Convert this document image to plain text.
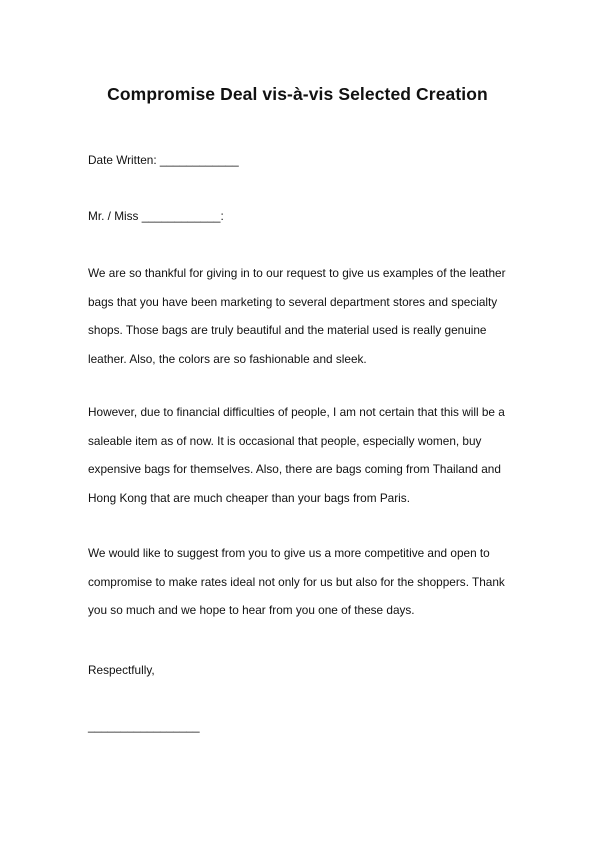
Compromise Deal vis-à-vis Selected Creation

Date Written: ____________

Mr. / Miss ____________:

We are so thankful for giving in to our request to give us examples of the leather
bags that you have been marketing to several department stores and specialty
shops. Those bags are truly beautiful and the material used is really genuine
leather. Also, the colors are so fashionable and sleek.
However, due to financial difficulties of people, I am not certain that this will be a
saleable item as of now. It is occasional that people, especially women, buy
expensive bags for themselves. Also, there are bags coming from Thailand and
Hong Kong that are much cheaper than your bags from Paris.
We would like to suggest from you to give us a more competitive and open to
compromise to make rates ideal not only for us but also for the shoppers. Thank
you so much and we hope to hear from you one of these days.

Respectfully,

_________________
